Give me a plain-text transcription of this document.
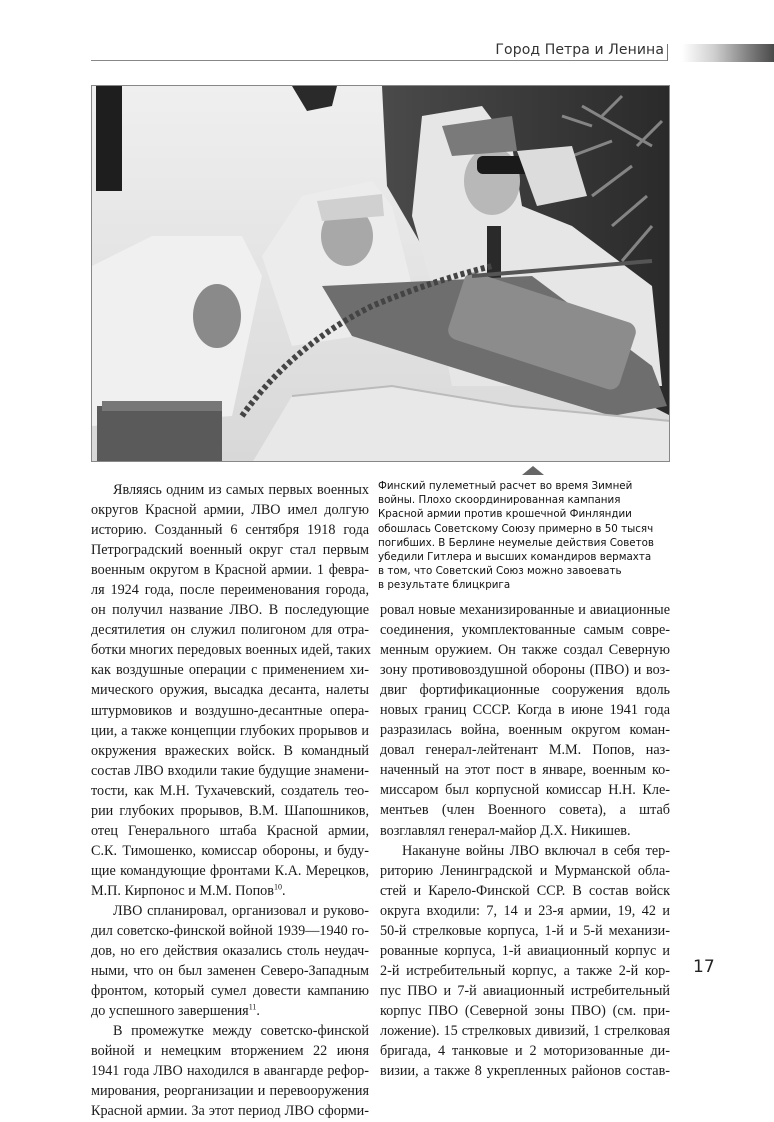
Город Петра и Ленина
Финский пулеметный расчет во время Зимней
войны. Плохо скоординированная кампания
Красной армии против крошечной Финляндии
обошлась Советскому Союзу примерно в 50 тысяч
погибших. В Берлине неумелые действия Советов
убедили Гитлера и высших командиров вермахта
в том, что Советский Союз можно завоевать
в результате блицкрига
Являясь одним из самых первых военных
округов Красной армии, ЛВО имел долгую
историю. Созданный 6 сентября 1918 года
Петроградский военный округ стал первым
военным округом в Красной армии. 1 февра-
ля 1924 года, после переименования города,
он получил название ЛВО. В последующие
десятилетия он служил полигоном для отра-
ботки многих передовых военных идей, таких
как воздушные операции с применением хи-
мического оружия, высадка десанта, налеты
штурмовиков и воздушно-десантные опера-
ции, а также концепции глубоких прорывов и
окружения вражеских войск. В командный
состав ЛВО входили такие будущие знамени-
тости, как М.Н. Тухачевский, создатель тео-
рии глубоких прорывов, В.М. Шапошников,
отец Генерального штаба Красной армии,
С.К. Тимошенко, комиссар обороны, и буду-
щие командующие фронтами К.А. Мерецков,
М.П. Кирпонос и М.М. Попов$^{10}$.
ЛВО спланировал, организовал и руково-
дил советско-финской войной 1939—1940 го-
дов, но его действия оказались столь неудач-
ными, что он был заменен Северо-Западным
фронтом, который сумел довести кампанию
до успешного завершения$^{11}$.
В промежутке между советско-финской
войной и немецким вторжением 22 июня
1941 года ЛВО находился в авангарде рефор-
мирования, реорганизации и перевооружения
Красной армии. За этот период ЛВО сформи-
ровал новые механизированные и авиационные
соединения, укомплектованные самым совре-
менным оружием. Он также создал Северную
зону противовоздушной обороны (ПВО) и воз-
двиг фортификационные сооружения вдоль
новых границ СССР. Когда в июне 1941 года
разразилась война, военным округом коман-
довал генерал-лейтенант М.М. Попов, наз-
наченный на этот пост в январе, военным ко-
миссаром был корпусной комиссар Н.Н. Кле-
ментьев (член Военного совета), а штаб
возглавлял генерал-майор Д.Х. Никишев.
Накануне войны ЛВО включал в себя тер-
риторию Ленинградской и Мурманской обла-
стей и Карело-Финской ССР. В состав войск
округа входили: 7, 14 и 23-я армии, 19, 42 и
50-й стрелковые корпуса, 1-й и 5-й механизи-
рованные корпуса, 1-й авиационный корпус и
2-й истребительный корпус, а также 2-й кор-
пус ПВО и 7-й авиационный истребительный
корпус ПВО (Северной зоны ПВО) (см. при-
ложение). 15 стрелковых дивизий, 1 стрелковая
бригада, 4 танковые и 2 моторизованные ди-
визии, а также 8 укрепленных районов состав-
17
